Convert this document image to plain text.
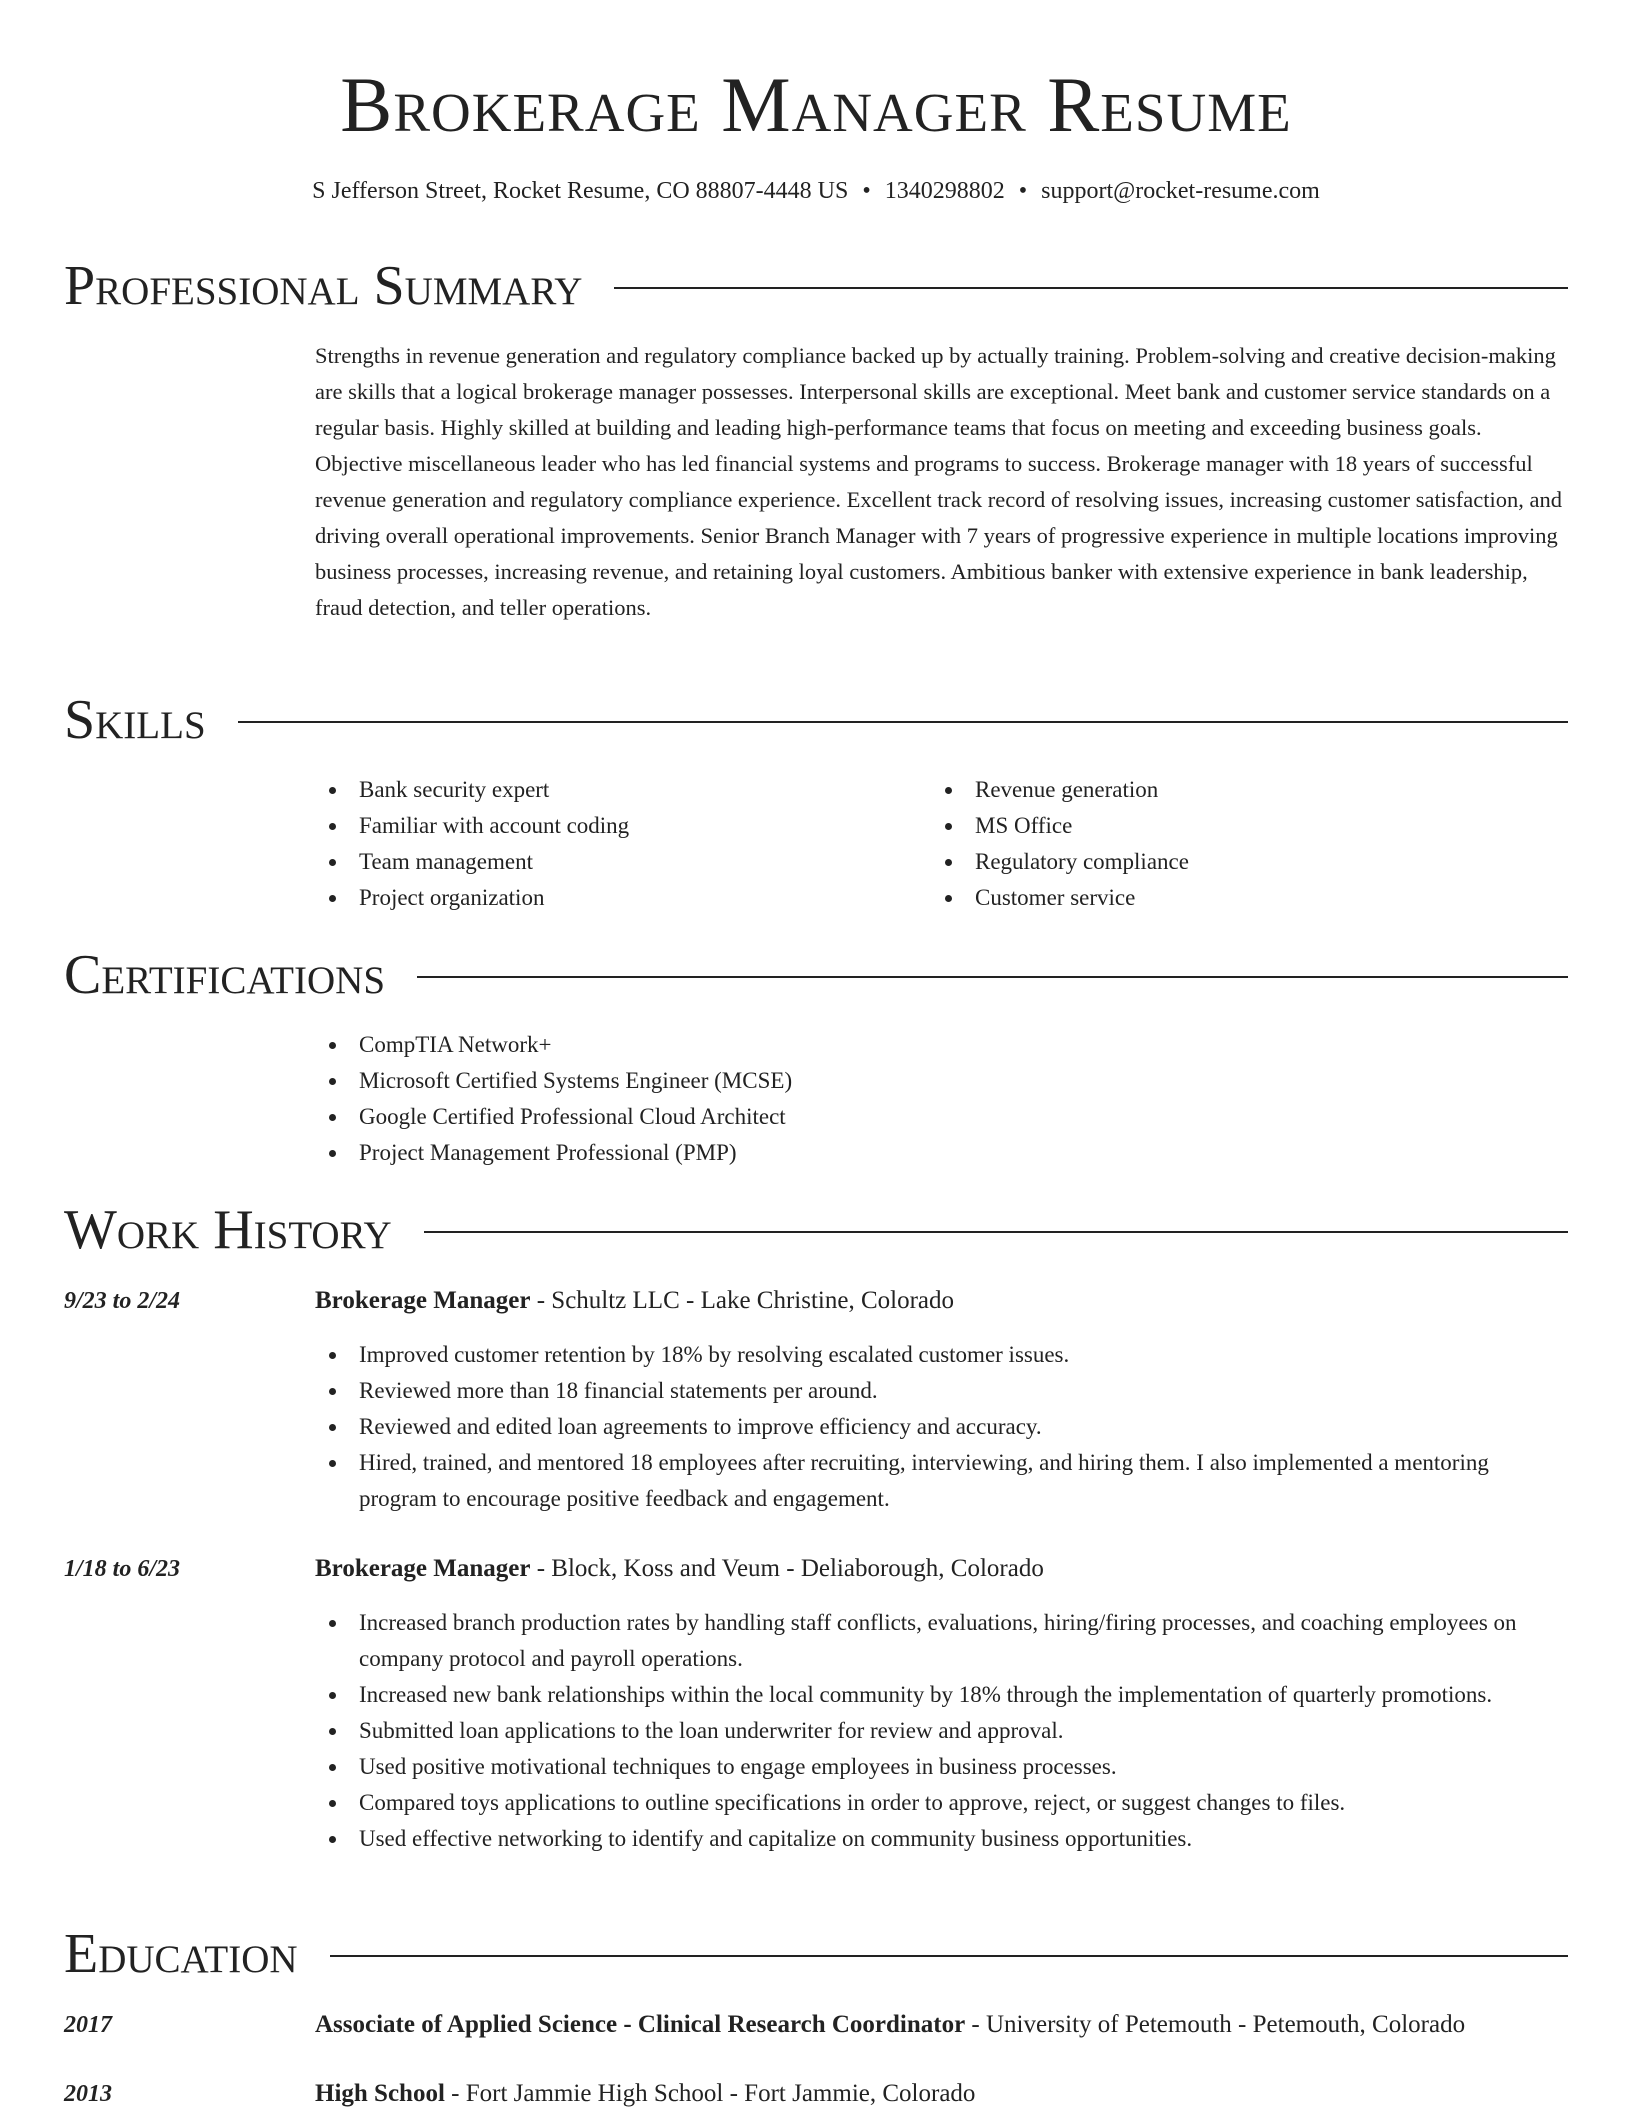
Brokerage Manager Resume
S Jefferson Street, Rocket Resume, CO 88807-4448 US • 1340298802 • support@rocket-resume.com
Professional Summary

Strengths in revenue generation and regulatory compliance backed up by actually training. Problem-solving and creative decision-making are skills that a logical brokerage manager possesses. Interpersonal skills are exceptional. Meet bank and customer service standards on a regular basis. Highly skilled at building and leading high-performance teams that focus on meeting and exceeding business goals. Objective miscellaneous leader who has led financial systems and programs to success. Brokerage manager with 18 years of successful revenue generation and regulatory compliance experience. Excellent track record of resolving issues, increasing customer satisfaction, and driving overall operational improvements. Senior Branch Manager with 7 years of progressive experience in multiple locations improving business processes, increasing revenue, and retaining loyal customers. Ambitious banker with extensive experience in bank leadership, fraud detection, and teller operations.

Skills
Bank security expert
Familiar with account coding
Team management
Project organization
Revenue generation
MS Office
Regulatory compliance
Customer service
Certifications
CompTIA Network+
Microsoft Certified Systems Engineer (MCSE)
Google Certified Professional Cloud Architect
Project Management Professional (PMP)
Work History
9/23 to 2/24	Brokerage Manager - Schultz LLC - Lake Christine, Colorado
Improved customer retention by 18% by resolving escalated customer issues.
Reviewed more than 18 financial statements per around.
Reviewed and edited loan agreements to improve efficiency and accuracy.
Hired, trained, and mentored 18 employees after recruiting, interviewing, and hiring them. I also implemented a mentoring program to encourage positive feedback and engagement.
1/18 to 6/23	Brokerage Manager - Block, Koss and Veum - Deliaborough, Colorado
Increased branch production rates by handling staff conflicts, evaluations, hiring/firing processes, and coaching employees on company protocol and payroll operations.
Increased new bank relationships within the local community by 18% through the implementation of quarterly promotions.
Submitted loan applications to the loan underwriter for review and approval.
Used positive motivational techniques to engage employees in business processes.
Compared toys applications to outline specifications in order to approve, reject, or suggest changes to files.
Used effective networking to identify and capitalize on community business opportunities.
Education
2017	Associate of Applied Science - Clinical Research Coordinator - University of Petemouth - Petemouth, Colorado
2013	High School - Fort Jammie High School - Fort Jammie, Colorado
